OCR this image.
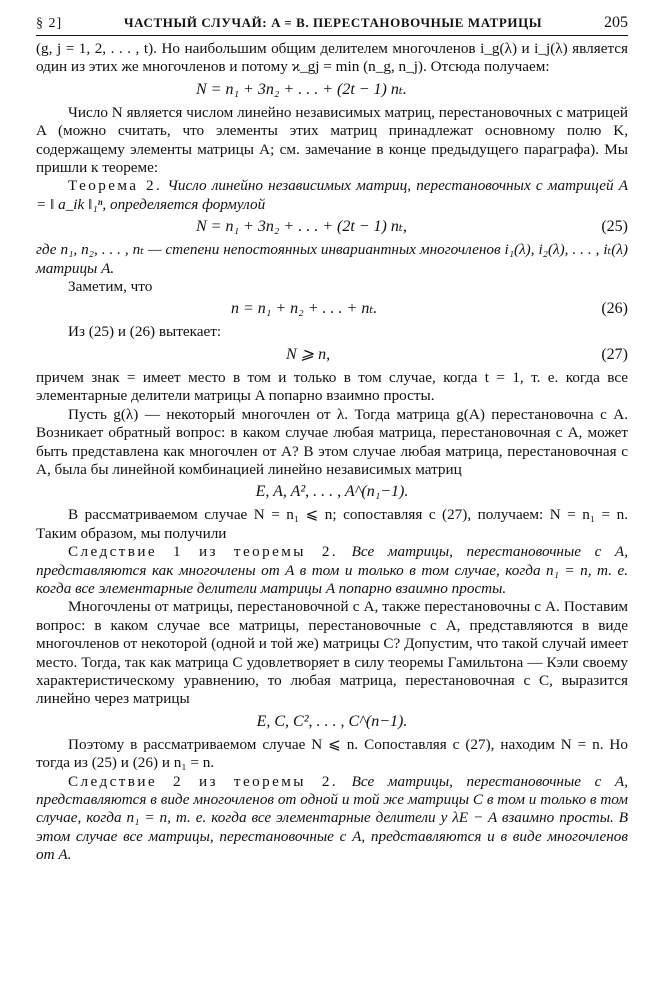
§ 2]	ЧАСТНЫЙ СЛУЧАЙ: A = B. ПЕРЕСТАНОВОЧНЫЕ МАТРИЦЫ	205

(g, j = 1, 2, . . . , t). Но наибольшим общим делителем многочленов i_g(λ) и i_j(λ) является один из этих же многочленов и потому ϰ_gj = min (n_g, n_j). Отсюда получаем:

N = n₁ + 3n₂ + . . . + (2t − 1) nₜ.

Число N является числом линейно независимых матриц, перестановочных с матрицей A (можно считать, что элементы этих матриц принадлежат основному полю K, содержащему элементы матрицы A; см. замечание в конце предыдущего параграфа). Мы пришли к теореме:

Теорема 2. Число линейно независимых матриц, перестановочных с матрицей A = ‖ a_ik ‖₁ⁿ, определяется формулой

N = n₁ + 3n₂ + . . . + (2t − 1) nₜ,	(25)

где n₁, n₂, . . . , nₜ — степени непостоянных инвариантных многочленов i₁(λ), i₂(λ), . . . , iₜ(λ) матрицы A.

Заметим, что

n = n₁ + n₂ + . . . + nₜ.	(26)

Из (25) и (26) вытекает:

N ⩾ n,	(27)

причем знак = имеет место в том и только в том случае, когда t = 1, т. е. когда все элементарные делители матрицы A попарно взаимно просты.

Пусть g(λ) — некоторый многочлен от λ. Тогда матрица g(A) перестановочна с A. Возникает обратный вопрос: в каком случае любая матрица, перестановочная с A, может быть представлена как многочлен от A? В этом случае любая матрица, перестановочная с A, была бы линейной комбинацией линейно независимых матриц

E, A, A², . . . , A^(n₁−1).

В рассматриваемом случае N = n₁ ⩽ n; сопоставляя с (27), получаем: N = n₁ = n. Таким образом, мы получили

Следствие 1 из теоремы 2. Все матрицы, перестановочные с A, представляются как многочлены от A в том и только в том случае, когда n₁ = n, т. е. когда все элементарные делители матрицы A попарно взаимно просты.

Многочлены от матрицы, перестановочной с A, также перестановочны с A. Поставим вопрос: в каком случае все матрицы, перестановочные с A, представляются в виде многочленов от некоторой (одной и той же) матрицы C? Допустим, что такой случай имеет место. Тогда, так как матрица C удовлетворяет в силу теоремы Гамильтона — Кэли своему характеристическому уравнению, то любая матрица, перестановочная с C, выразится линейно через матрицы

E, C, C², . . . , C^(n−1).

Поэтому в рассматриваемом случае N ⩽ n. Сопоставляя с (27), находим N = n. Но тогда из (25) и (26) и n₁ = n.

Следствие 2 из теоремы 2. Все матрицы, перестановочные с A, представляются в виде многочленов от одной и той же матрицы C в том и только в том случае, когда n₁ = n, т. е. когда все элементарные делители у λE − A взаимно просты. В этом случае все матрицы, перестановочные с A, представляются и в виде многочленов от A.
